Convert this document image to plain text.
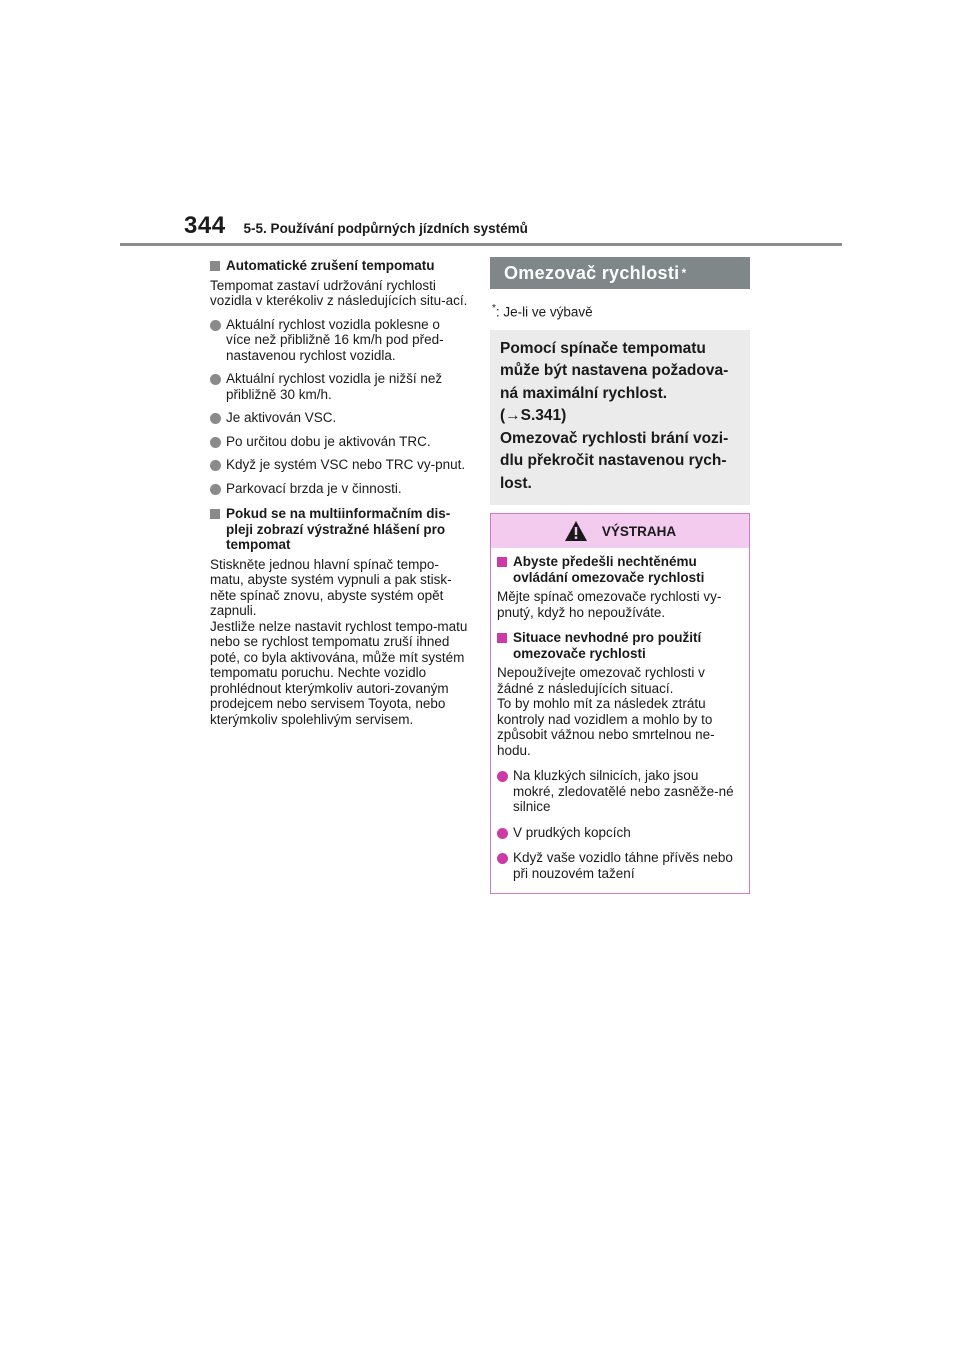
344 5-5. Používání podpůrných jízdních systémů
Automatické zrušení tempomatu

Tempomat zastaví udržování rychlosti vozidla v kterékoliv z následujících situ-ací.

Aktuální rychlost vozidla poklesne o více než přibližně 16 km/h pod před-nastavenou rychlost vozidla.
Aktuální rychlost vozidla je nižší než přibližně 30 km/h.
Je aktivován VSC.
Po určitou dobu je aktivován TRC.
Když je systém VSC nebo TRC vy-pnut.
Parkovací brzda je v činnosti.
Pokud se na multiinformačním dis-pleji zobrazí výstražné hlášení pro tempomat

Stiskněte jednou hlavní spínač tempo-matu, abyste systém vypnuli a pak stisk-něte spínač znovu, abyste systém opět zapnuli.

Jestliže nelze nastavit rychlost tempo-matu nebo se rychlost tempomatu zruší ihned poté, co byla aktivována, může mít systém tempomatu poruchu. Nechte vozidlo prohlédnout kterýmkoliv autori-zovaným prodejcem nebo servisem Toyota, nebo kterýmkoliv spolehlivým servisem.

Omezovač rychlosti *
*: Je-li ve výbavě
Pomocí spínače tempomatu
může být nastavena požadova-
ná maximální rychlost.
(→S.341)
Omezovač rychlosti brání vozi-
dlu překročit nastavenou rych-
lost.
VÝSTRAHA
Abyste předešli nechtěnému ovládání omezovače rychlosti

Mějte spínač omezovače rychlosti vy-pnutý, když ho nepoužíváte.

Situace nevhodné pro použití omezovače rychlosti

Nepoužívejte omezovač rychlosti v žádné z následujících situací.

To by mohlo mít za následek ztrátu kontroly nad vozidlem a mohlo by to způsobit vážnou nebo smrtelnou ne-hodu.

Na kluzkých silnicích, jako jsou mokré, zledovatělé nebo zasněže-né silnice
V prudkých kopcích
Když vaše vozidlo táhne přívěs nebo při nouzovém tažení
